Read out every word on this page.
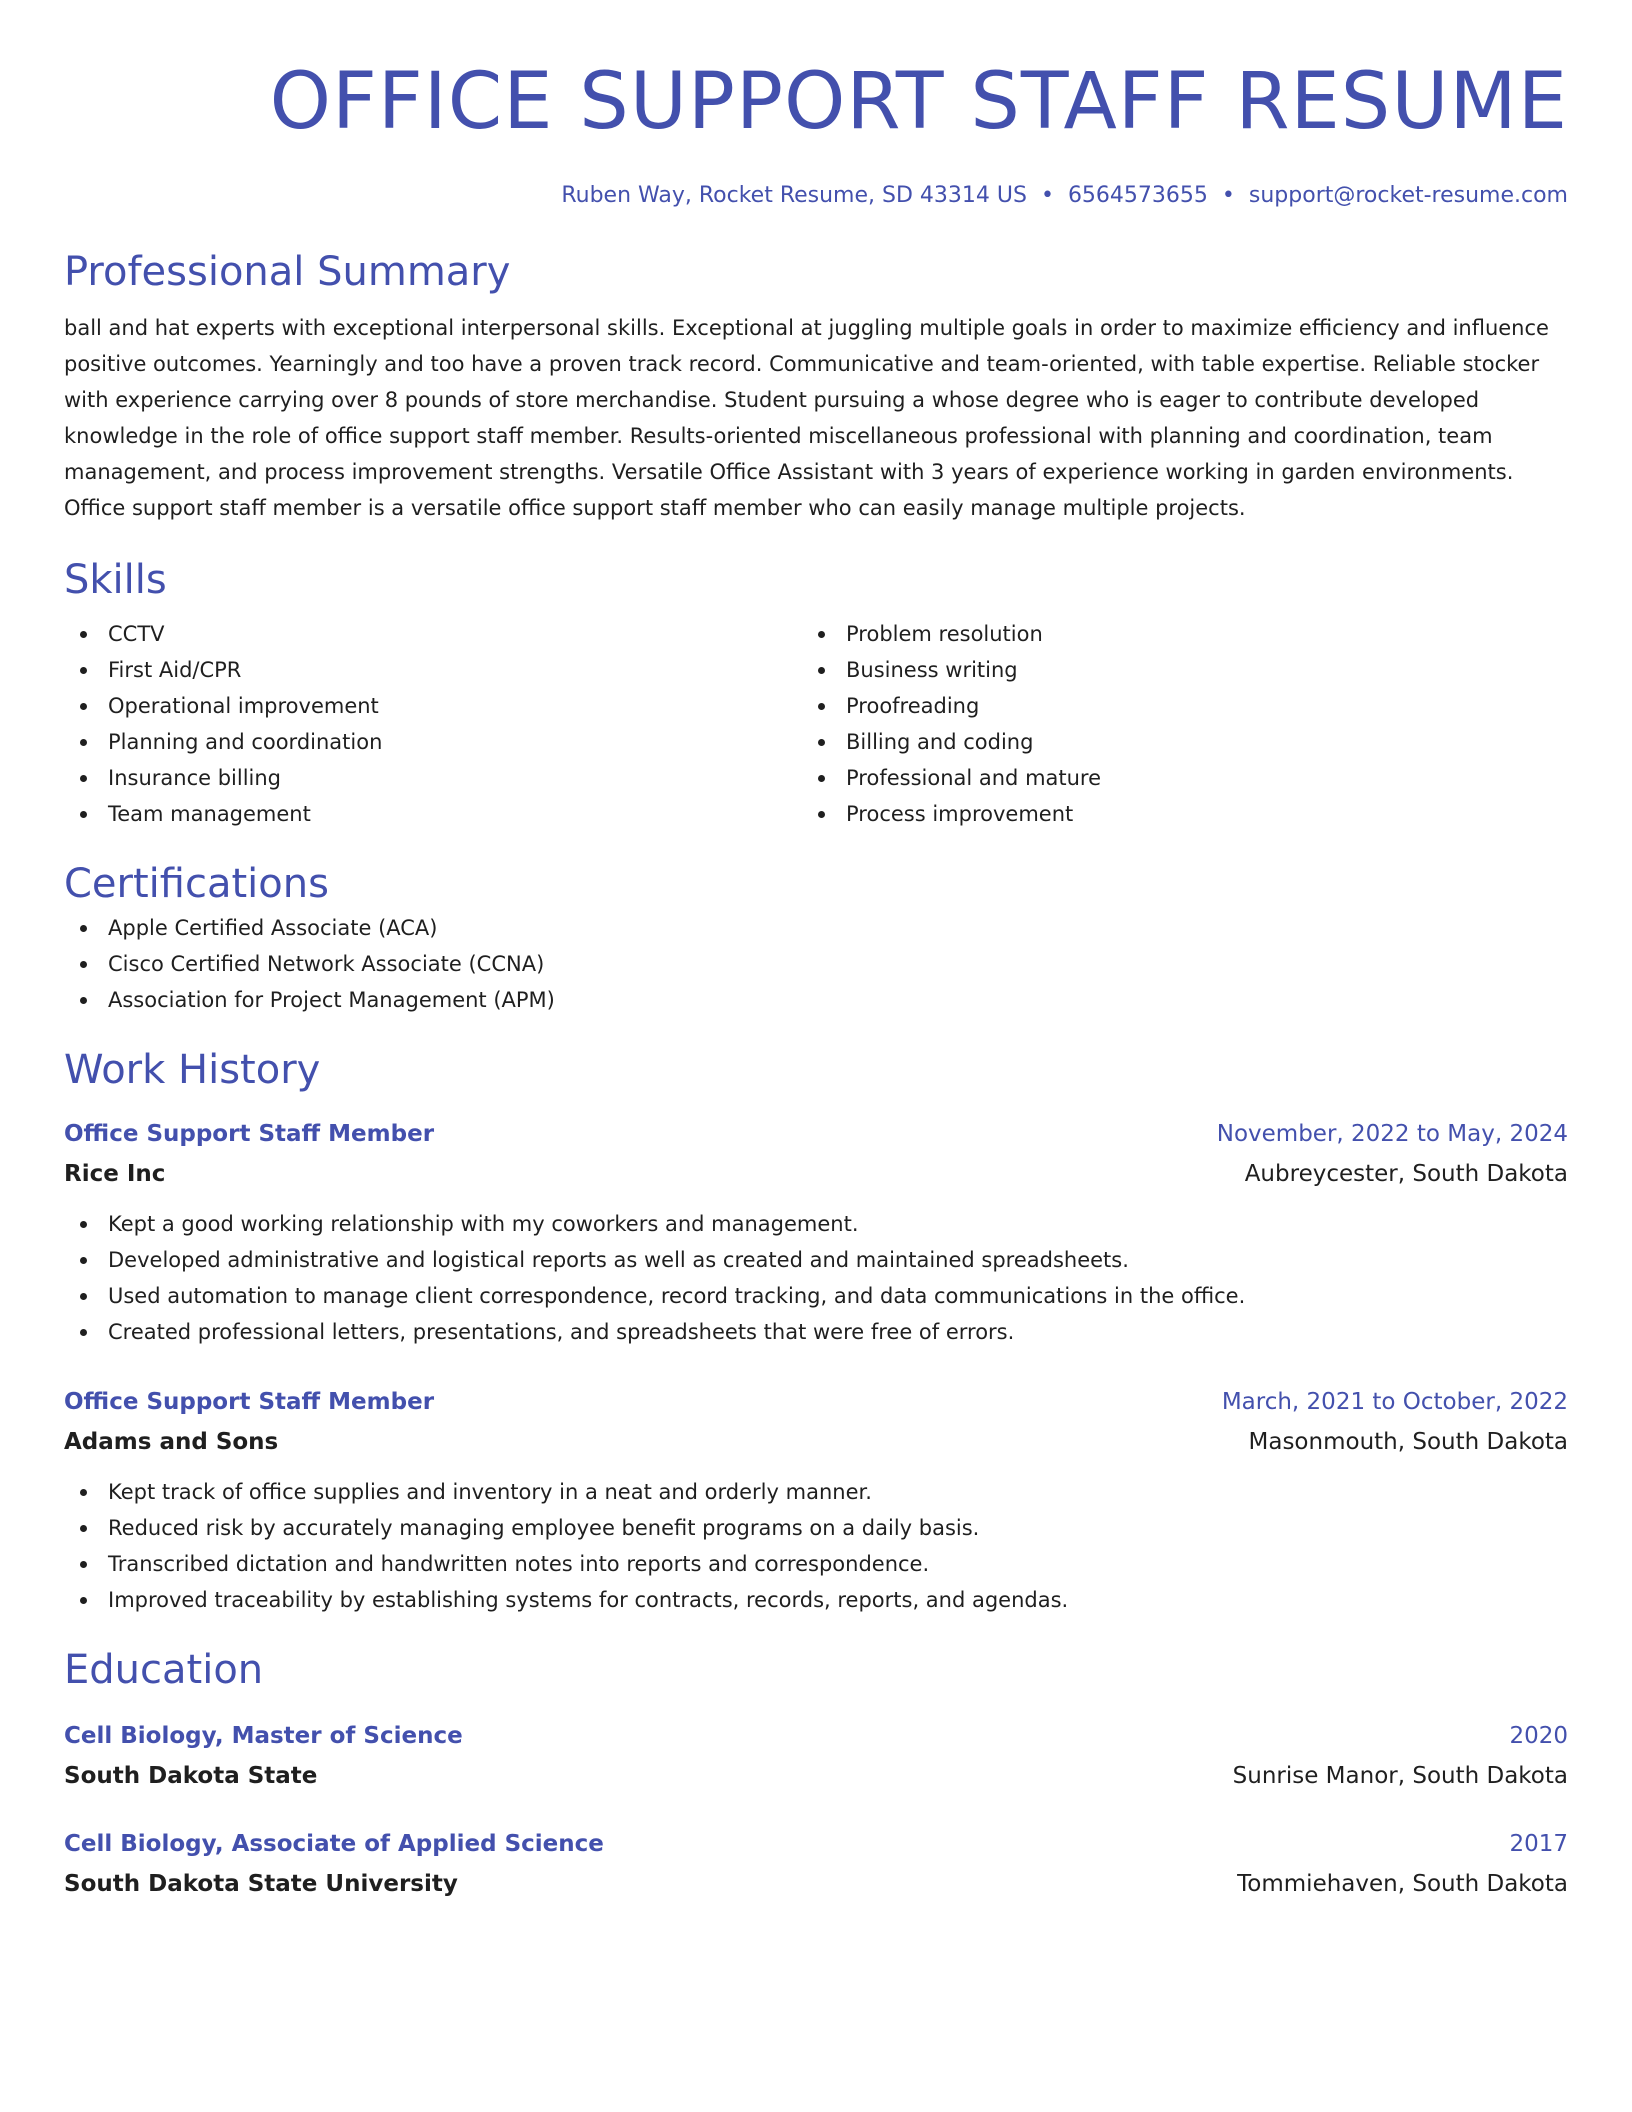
OFFICE SUPPORT STAFF RESUME
Ruben Way, Rocket Resume, SD 43314 US • 6564573655 • support@rocket-resume.com
Professional Summary
ball and hat experts with exceptional interpersonal skills. Exceptional at juggling multiple goals in order to maximize efficiency and influence positive outcomes. Yearningly and too have a proven track record. Communicative and team-oriented, with table expertise. Reliable stocker with experience carrying over 8 pounds of store merchandise. Student pursuing a whose degree who is eager to contribute developed knowledge in the role of office support staff member. Results-oriented miscellaneous professional with planning and coordination, team management, and process improvement strengths. Versatile Office Assistant with 3 years of experience working in garden environments. Office support staff member is a versatile office support staff member who can easily manage multiple projects.
Skills
CCTV
First Aid/CPR
Operational improvement
Planning and coordination
Insurance billing
Team management
Problem resolution
Business writing
Proofreading
Billing and coding
Professional and mature
Process improvement
Certifications
Apple Certified Associate (ACA)
Cisco Certified Network Associate (CCNA)
Association for Project Management (APM)
Work History
Office Support Staff Member	November, 2022 to May, 2024
Rice Inc	Aubreycester, South Dakota
Kept a good working relationship with my coworkers and management.
Developed administrative and logistical reports as well as created and maintained spreadsheets.
Used automation to manage client correspondence, record tracking, and data communications in the office.
Created professional letters, presentations, and spreadsheets that were free of errors.
Office Support Staff Member	March, 2021 to October, 2022
Adams and Sons	Masonmouth, South Dakota
Kept track of office supplies and inventory in a neat and orderly manner.
Reduced risk by accurately managing employee benefit programs on a daily basis.
Transcribed dictation and handwritten notes into reports and correspondence.
Improved traceability by establishing systems for contracts, records, reports, and agendas.
Education
Cell Biology, Master of Science	2020
South Dakota State	Sunrise Manor, South Dakota
Cell Biology, Associate of Applied Science	2017
South Dakota State University	Tommiehaven, South Dakota
